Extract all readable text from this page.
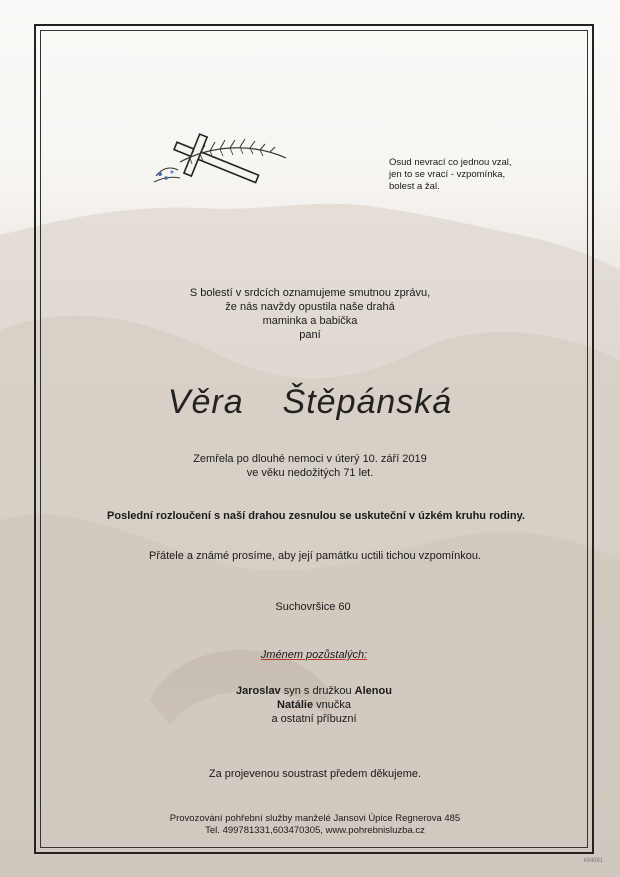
Osud nevrací co jednou vzal,
jen to se vrací - vzpomínka,
bolest a žal.
S bolestí v srdcích oznamujeme smutnou zprávu,
že nás navždy opustila naše drahá
maminka a babička
paní
Věra Štěpánská
Zemřela po dlouhé nemoci v úterý 10. září 2019
ve věku nedožitých 71 let.
Poslední rozloučení s naší drahou zesnulou se uskuteční v úzkém kruhu rodiny.
Přátele a známé prosíme, aby její památku uctili tichou vzpomínkou.
Suchovršice 60
Jménem pozůstalých:
Jaroslav syn s družkou Alenou
Natálie vnučka
a ostatní příbuzní
Za projevenou soustrast předem děkujeme.
Provozování pohřební služby manželé Jansovi Úpice Regnerova 485
Tel. 499781331,603470305, www.pohrebnisluzba.cz
KM081
